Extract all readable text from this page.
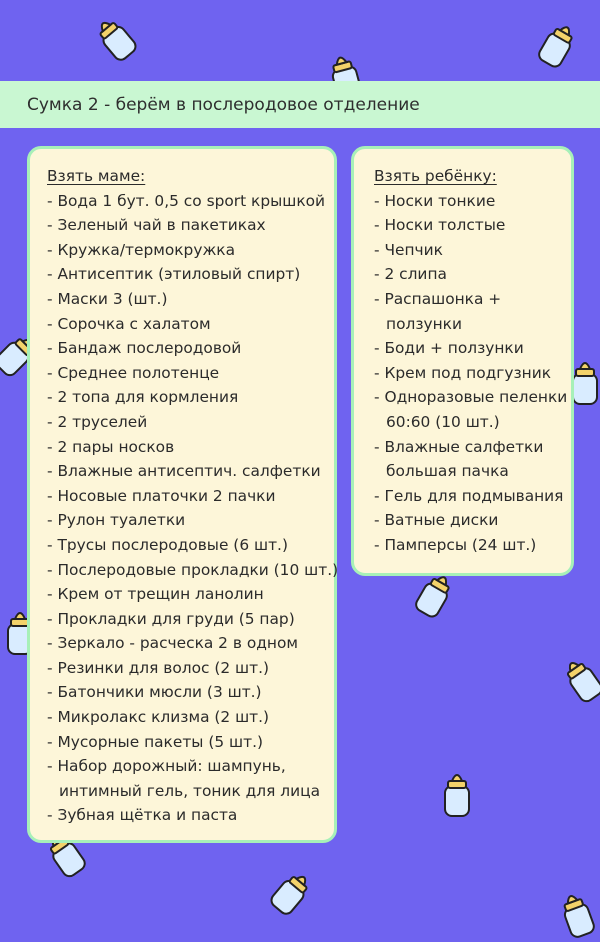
Сумка 2 - берём в послеродовое отделение
Взять маме:
- Вода 1 бут. 0,5 со sport крышкой
- Зеленый чай в пакетиках
- Кружка/термокружка
- Антисептик (этиловый спирт)
- Маски 3 (шт.)
- Сорочка с халатом
- Бандаж послеродовой
- Среднее полотенце
- 2 топа для кормления
- 2 труселей
- 2 пары носков
- Влажные антисептич. салфетки
- Носовые платочки 2 пачки
- Рулон туалетки
- Трусы послеродовые (6 шт.)
- Послеродовые прокладки (10 шт.)
- Крем от трещин ланолин
- Прокладки для груди (5 пар)
- Зеркало - расческа 2 в одном
- Резинки для волос (2 шт.)
- Батончики мюсли (3 шт.)
- Микролакс клизма (2 шт.)
- Мусорные пакеты (5 шт.)
- Набор дорожный: шампунь, интимный гель, тоник для лица
- Зубная щётка и паста
Взять ребёнку:
- Носки тонкие
- Носки толстые
- Чепчик
- 2 слипа
- Распашонка + ползунки
- Боди + ползунки
- Крем под подгузник
- Одноразовые пеленки 60:60 (10 шт.)
- Влажные салфетки большая пачка
- Гель для подмывания
- Ватные диски
- Памперсы (24 шт.)
